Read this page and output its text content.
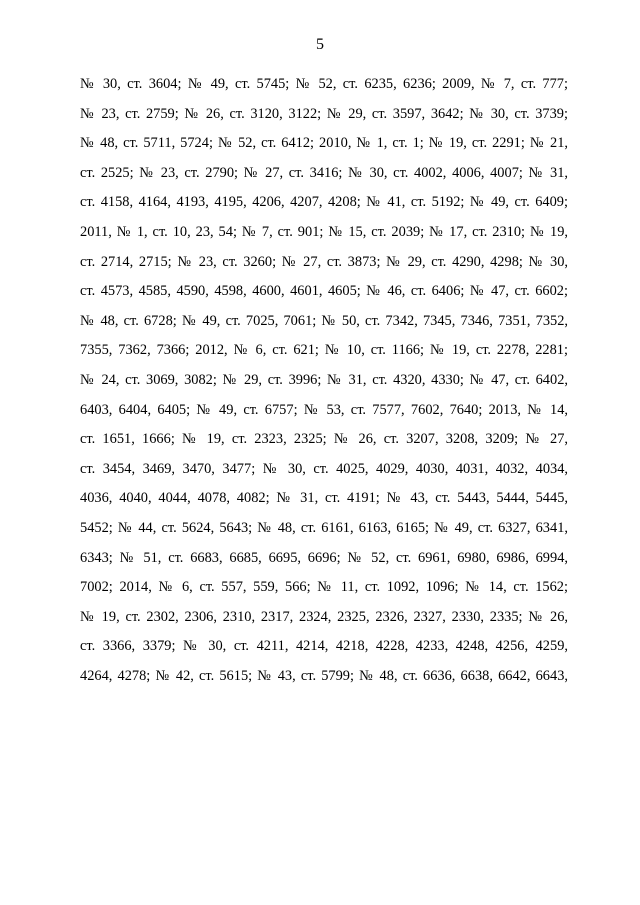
5
№ 30, ст. 3604; № 49, ст. 5745; № 52, ст. 6235, 6236; 2009, № 7, ст. 777;
№ 23, ст. 2759; № 26, ст. 3120, 3122; № 29, ст. 3597, 3642; № 30, ст. 3739;
№ 48, ст. 5711, 5724; № 52, ст. 6412; 2010, № 1, ст. 1; № 19, ст. 2291; № 21,
ст. 2525; № 23, ст. 2790; № 27, ст. 3416; № 30, ст. 4002, 4006, 4007; № 31,
ст. 4158, 4164, 4193, 4195, 4206, 4207, 4208; № 41, ст. 5192; № 49, ст. 6409;
2011, № 1, ст. 10, 23, 54; № 7, ст. 901; № 15, ст. 2039; № 17, ст. 2310; № 19,
ст. 2714, 2715; № 23, ст. 3260; № 27, ст. 3873; № 29, ст. 4290, 4298; № 30,
ст. 4573, 4585, 4590, 4598, 4600, 4601, 4605; № 46, ст. 6406; № 47, ст. 6602;
№ 48, ст. 6728; № 49, ст. 7025, 7061; № 50, ст. 7342, 7345, 7346, 7351, 7352,
7355, 7362, 7366; 2012, № 6, ст. 621; № 10, ст. 1166; № 19, ст. 2278, 2281;
№ 24, ст. 3069, 3082; № 29, ст. 3996; № 31, ст. 4320, 4330; № 47, ст. 6402,
6403, 6404, 6405; № 49, ст. 6757; № 53, ст. 7577, 7602, 7640; 2013, № 14,
ст. 1651, 1666; № 19, ст. 2323, 2325; № 26, ст. 3207, 3208, 3209; № 27,
ст. 3454, 3469, 3470, 3477; № 30, ст. 4025, 4029, 4030, 4031, 4032, 4034,
4036, 4040, 4044, 4078, 4082; № 31, ст. 4191; № 43, ст. 5443, 5444, 5445,
5452; № 44, ст. 5624, 5643; № 48, ст. 6161, 6163, 6165; № 49, ст. 6327, 6341,
6343; № 51, ст. 6683, 6685, 6695, 6696; № 52, ст. 6961, 6980, 6986, 6994,
7002; 2014, № 6, ст. 557, 559, 566; № 11, ст. 1092, 1096; № 14, ст. 1562;
№ 19, ст. 2302, 2306, 2310, 2317, 2324, 2325, 2326, 2327, 2330, 2335; № 26,
ст. 3366, 3379; № 30, ст. 4211, 4214, 4218, 4228, 4233, 4248, 4256, 4259,
4264, 4278; № 42, ст. 5615; № 43, ст. 5799; № 48, ст. 6636, 6638, 6642, 6643,
